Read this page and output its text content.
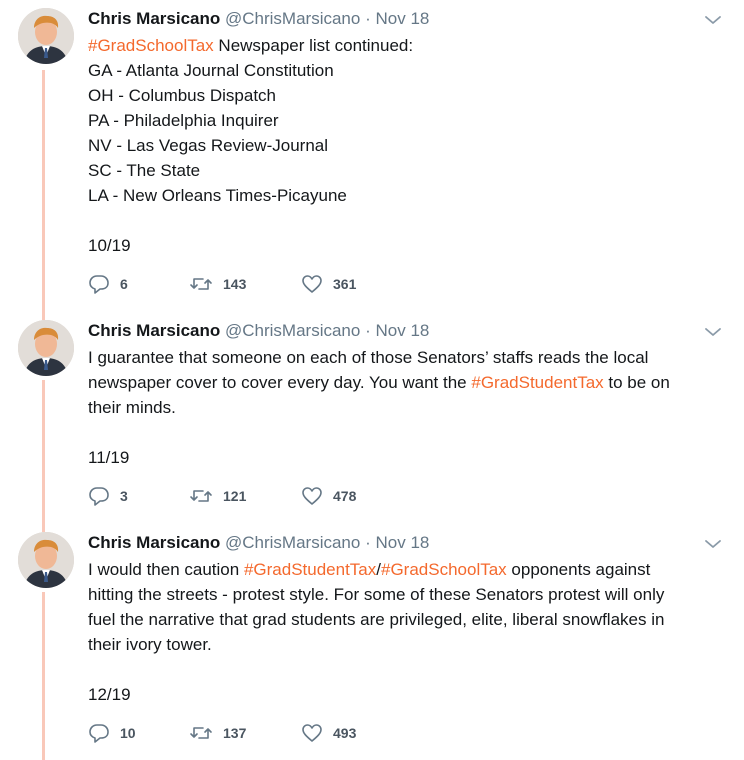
Chris Marsicano @ChrisMarsicano · Nov 18
#GradSchoolTax Newspaper list continued:
GA - Atlanta Journal Constitution
OH - Columbus Dispatch
PA - Philadelphia Inquirer
NV - Las Vegas Review-Journal
SC - The State
LA - New Orleans Times-Picayune

10/19
6	143	361
Chris Marsicano @ChrisMarsicano · Nov 18
I guarantee that someone on each of those Senators’ staffs reads the local
newspaper cover to cover every day. You want the #GradStudentTax to be on
their minds.

11/19
3	121	478
Chris Marsicano @ChrisMarsicano · Nov 18
I would then caution #GradStudentTax/#GradSchoolTax opponents against
hitting the streets - protest style. For some of these Senators protest will only
fuel the narrative that grad students are privileged, elite, liberal snowflakes in
their ivory tower.

12/19
10	137	493
